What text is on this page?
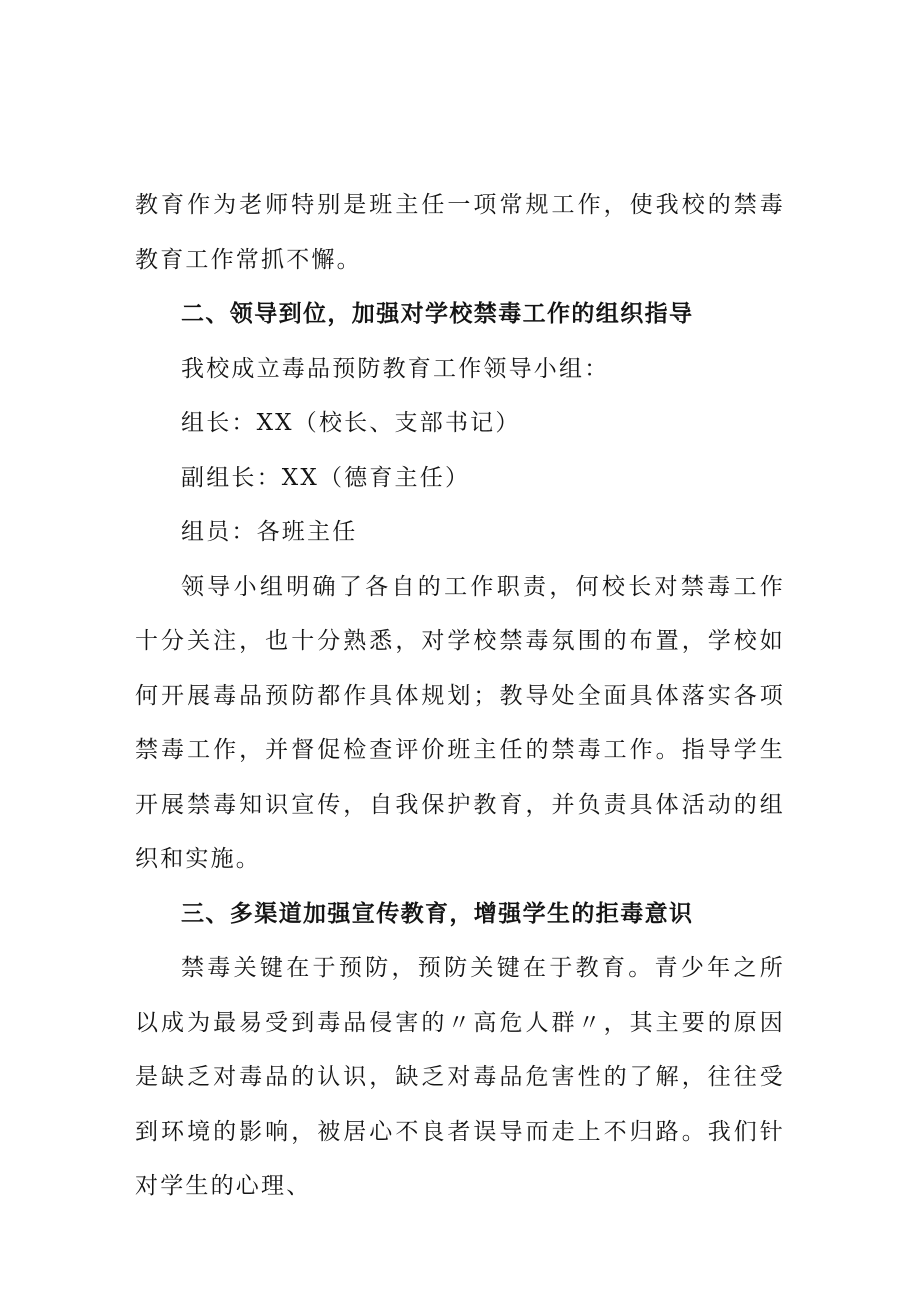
教育作为老师特别是班主任一项常规工作，使我校的禁毒教育工作常抓不懈。

二、领导到位，加强对学校禁毒工作的组织指导

我校成立毒品预防教育工作领导小组：

组长：XX（校长、支部书记）

副组长：XX（德育主任）

组员：各班主任

领导小组明确了各自的工作职责，何校长对禁毒工作十分关注，也十分熟悉，对学校禁毒氛围的布置，学校如何开展毒品预防都作具体规划；教导处全面具体落实各项禁毒工作，并督促检查评价班主任的禁毒工作。指导学生开展禁毒知识宣传，自我保护教育，并负责具体活动的组织和实施。

三、多渠道加强宣传教育，增强学生的拒毒意识

禁毒关键在于预防，预防关键在于教育。青少年之所以成为最易受到毒品侵害的〃高危人群〃，其主要的原因是缺乏对毒品的认识，缺乏对毒品危害性的了解，往往受到环境的影响，被居心不良者误导而走上不归路。我们针对学生的心理、
